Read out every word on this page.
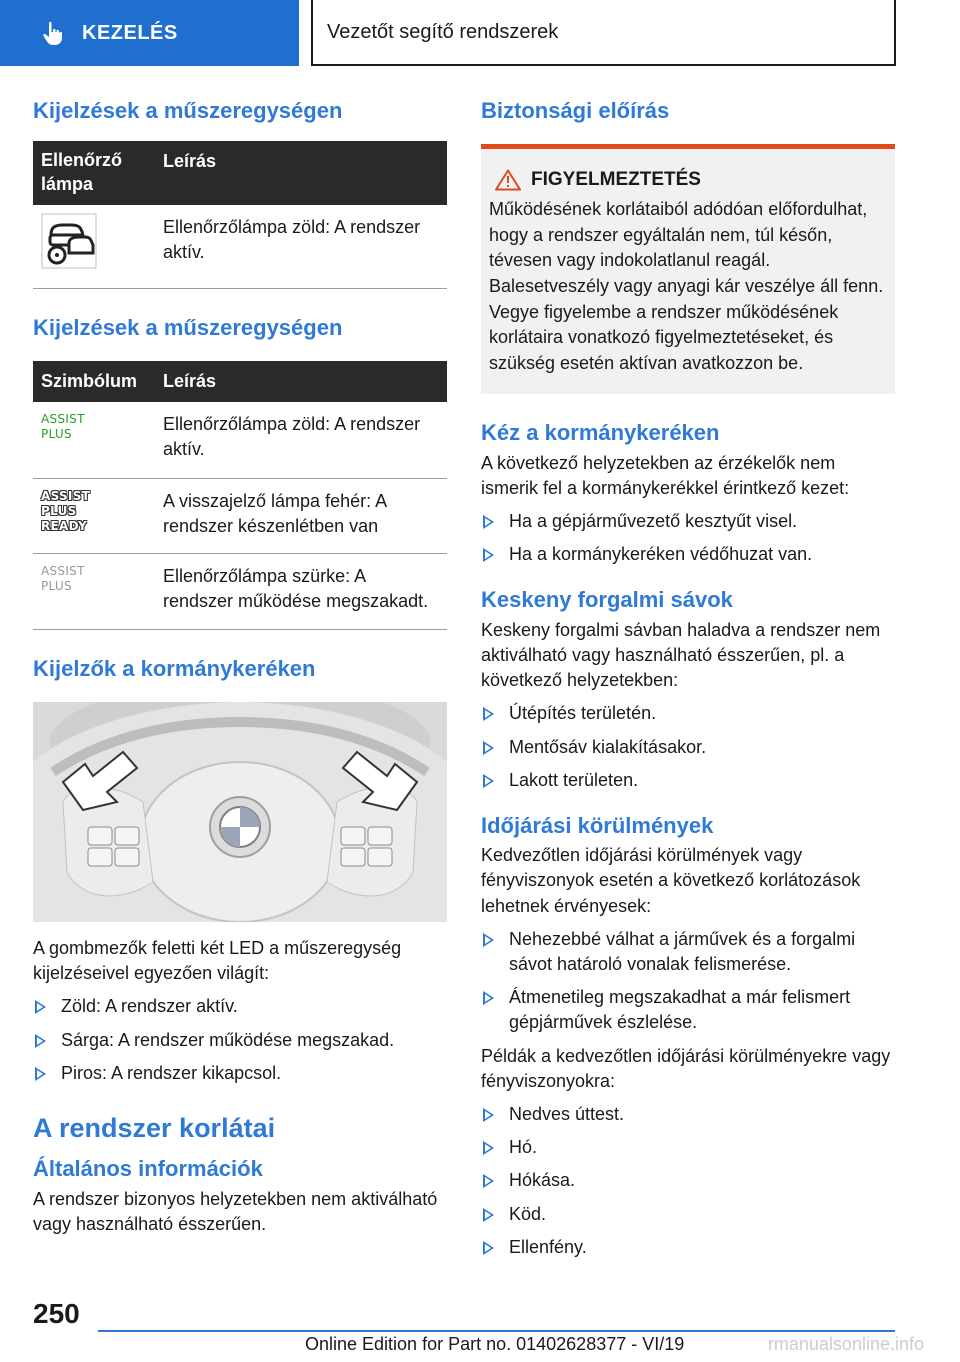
KEZELÉS	Vezetőt segítő rendszerek
Kijelzések a műszeregységen
Ellenőrző lámpa	Leírás
	Ellenőrzőlámpa zöld: A rendszer aktív.
Kijelzések a műszeregységen
Szimbólum	Leírás

ASSIST
PLUS	Ellenőrzőlámpa zöld: A rendszer aktív.

ASSIST
PLUS
READY	A visszajelző lámpa fehér: A rendszer készenlétben van

ASSIST
PLUS	Ellenőrzőlámpa szürke: A rendszer működése megszakadt.
Kijelzők a kormánykeréken

A gombmezők feletti két LED a műszeregység kijelzéseivel egyezően világít:

Zöld: A rendszer aktív.
Sárga: A rendszer működése megszakad.
Piros: A rendszer kikapcsol.
A rendszer korlátai
Általános információk

A rendszer bizonyos helyzetekben nem aktiválható vagy használható ésszerűen.

Biztonsági előírás
FIGYELMEZTETÉS

Működésének korlátaiból adódóan előfordulhat, hogy a rendszer egyáltalán nem, túl későn, tévesen vagy indokolatlanul reagál. Balesetveszély vagy anyagi kár veszélye áll fenn. Vegye figyelembe a rendszer működésének korlátaira vonatkozó figyelmeztetéseket, és szükség esetén aktívan avatkozzon be.

Kéz a kormánykeréken

A következő helyzetekben az érzékelők nem ismerik fel a kormánykerékkel érintkező kezet:

Ha a gépjárművezető kesztyűt visel.
Ha a kormánykeréken védőhuzat van.
Keskeny forgalmi sávok

Keskeny forgalmi sávban haladva a rendszer nem aktiválható vagy használható ésszerűen, pl. a következő helyzetekben:

Útépítés területén.
Mentősáv kialakításakor.
Lakott területen.
Időjárási körülmények

Kedvezőtlen időjárási körülmények vagy fényviszonyok esetén a következő korlátozások lehetnek érvényesek:

Nehezebbé válhat a járművek és a forgalmi sávot határoló vonalak felismerése.
Átmenetileg megszakadhat a már felismert gépjárművek észlelése.

Példák a kedvezőtlen időjárási körülményekre vagy fényviszonyokra:

Nedves úttest.
Hó.
Hókása.
Köd.
Ellenfény.
250
Online Edition for Part no. 01402628377 - VI/19	rmanualsonline.info
